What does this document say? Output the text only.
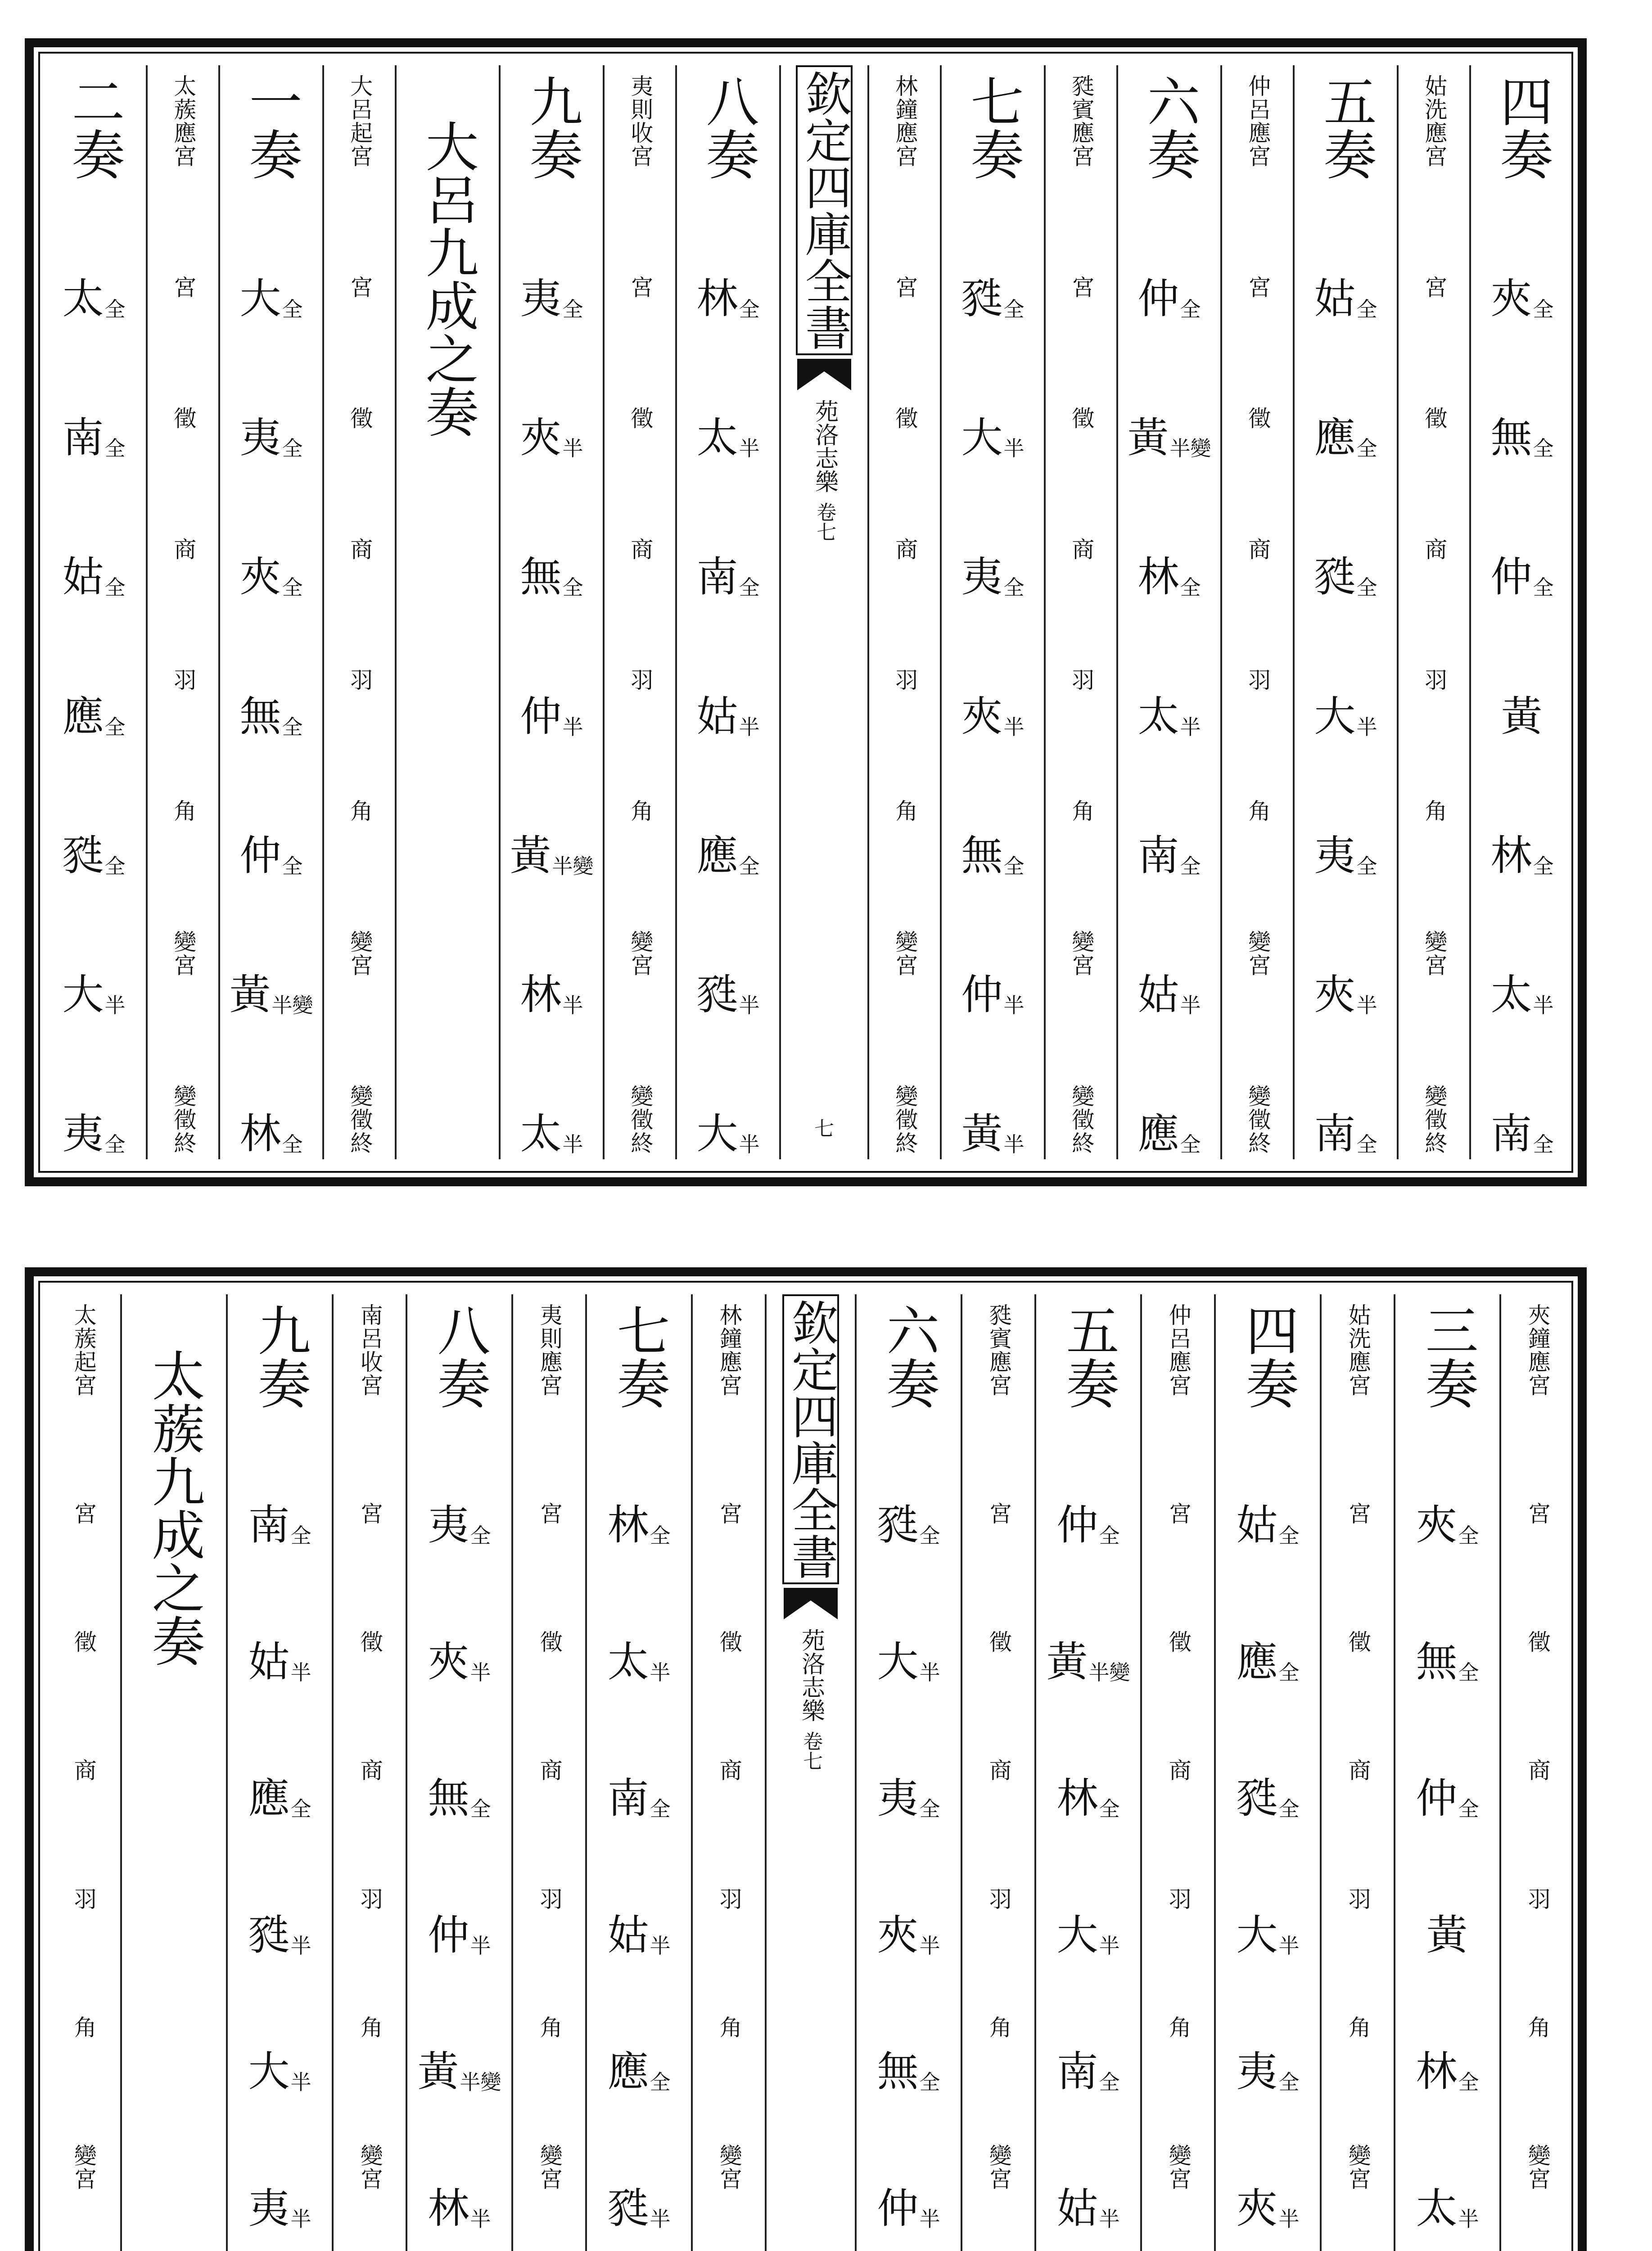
四奏
夾 全
無 全
仲 全
黃
林 全
太 半
南 全
姑洗應宮
宮
徵
商
羽
角
變宮
變徵終
五奏
姑 全
應 全
甤 全
大 半
夷 全
夾 半
南 全
仲呂應宮
宮
徵
商
羽
角
變宮
變徵終
六奏
仲 全
黃 半變
林 全
太 半
南 全
姑 半
應 全
甤賓應宮
宮
徵
商
羽
角
變宮
變徵終
七奏
甤 全
大 半
夷 全
夾 半
無 全
仲 半
黃 半
林鐘應宮
宮
徵
商
羽
角
變宮
變徵終
欽定四庫全書
苑洛志樂
卷七
七
八奏
林 全
太 半
南 全
姑 半
應 全
甤 半
大 半
夷則收宮
宮
徵
商
羽
角
變宮
變徵終
九奏
夷 全
夾 半
無 全
仲 半
黃 半變
林 半
太 半
大呂九成之奏
大呂起宮
宮
徵
商
羽
角
變宮
變徵終
一奏
大 全
夷 全
夾 全
無 全
仲 全
黃 半變
林 全
太蔟應宮
宮
徵
商
羽
角
變宮
變徵終
二奏
太 全
南 全
姑 全
應 全
甤 全
大 半
夷 全
夾鐘應宮
宮
徵
商
羽
角
變宮
三奏
夾 全
無 全
仲 全
黃
林 全
太 半
姑洗應宮
宮
徵
商
羽
角
變宮
四奏
姑 全
應 全
甤 全
大 半
夷 全
夾 半
仲呂應宮
宮
徵
商
羽
角
變宮
五奏
仲 全
黃 半變
林 全
大 半
南 全
姑 半
甤賓應宮
宮
徵
商
羽
角
變宮
六奏
甤 全
大 半
夷 全
夾 半
無 全
仲 半
欽定四庫全書
苑洛志樂
卷七
林鐘應宮
宮
徵
商
羽
角
變宮
七奏
林 全
太 半
南 全
姑 半
應 全
甤 半
夷則應宮
宮
徵
商
羽
角
變宮
八奏
夷 全
夾 半
無 全
仲 半
黃 半變
林 半
南呂收宮
宮
徵
商
羽
角
變宮
九奏
南 全
姑 半
應 全
甤 半
大 半
夷 半
太蔟九成之奏
太蔟起宮
宮
徵
商
羽
角
變宮
